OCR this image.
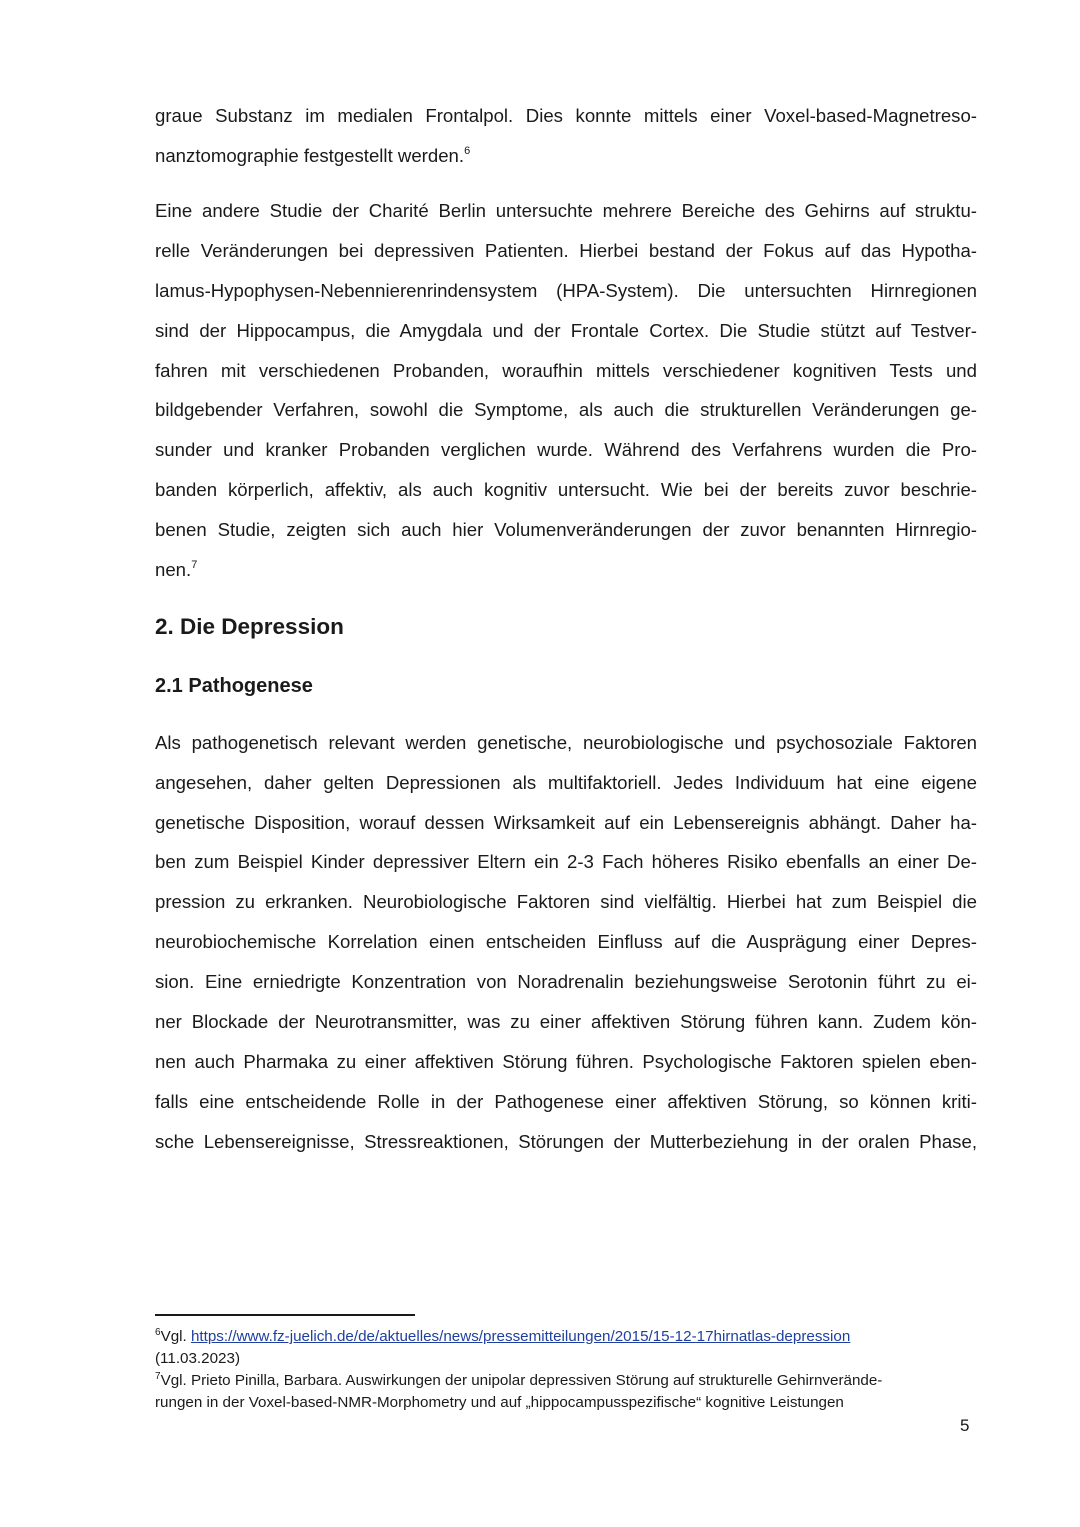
graue Substanz im medialen Frontalpol. Dies konnte mittels einer Voxel-based-Magnetreso-
nanztomographie festgestellt werden.$^6$
Eine andere Studie der Charité Berlin untersuchte mehrere Bereiche des Gehirns auf struktu-
relle Veränderungen bei depressiven Patienten. Hierbei bestand der Fokus auf das Hypotha-
lamus-Hypophysen-Nebennierenrindensystem (HPA-System). Die untersuchten Hirnregionen
sind der Hippocampus, die Amygdala und der Frontale Cortex. Die Studie stützt auf Testver-
fahren mit verschiedenen Probanden, woraufhin mittels verschiedener kognitiven Tests und
bildgebender Verfahren, sowohl die Symptome, als auch die strukturellen Veränderungen ge-
sunder und kranker Probanden verglichen wurde. Während des Verfahrens wurden die Pro-
banden körperlich, affektiv, als auch kognitiv untersucht. Wie bei der bereits zuvor beschrie-
benen Studie, zeigten sich auch hier Volumenveränderungen der zuvor benannten Hirnregio-
nen.$^7$
2. Die Depression
2.1 Pathogenese
Als pathogenetisch relevant werden genetische, neurobiologische und psychosoziale Faktoren
angesehen, daher gelten Depressionen als multifaktoriell. Jedes Individuum hat eine eigene
genetische Disposition, worauf dessen Wirksamkeit auf ein Lebensereignis abhängt. Daher ha-
ben zum Beispiel Kinder depressiver Eltern ein 2-3 Fach höheres Risiko ebenfalls an einer De-
pression zu erkranken. Neurobiologische Faktoren sind vielfältig. Hierbei hat zum Beispiel die
neurobiochemische Korrelation einen entscheiden Einfluss auf die Ausprägung einer Depres-
sion. Eine erniedrigte Konzentration von Noradrenalin beziehungsweise Serotonin führt zu ei-
ner Blockade der Neurotransmitter, was zu einer affektiven Störung führen kann. Zudem kön-
nen auch Pharmaka zu einer affektiven Störung führen. Psychologische Faktoren spielen eben-
falls eine entscheidende Rolle in der Pathogenese einer affektiven Störung, so können kriti-
sche Lebensereignisse, Stressreaktionen, Störungen der Mutterbeziehung in der oralen Phase,
$^6$Vgl. https://www.fz-juelich.de/de/aktuelles/news/pressemitteilungen/2015/15-12-17hirnatlas-depression
(11.03.2023)
$^7$Vgl. Prieto Pinilla, Barbara. Auswirkungen der unipolar depressiven Störung auf strukturelle Gehirnverände-
rungen in der Voxel-based-NMR-Morphometry und auf „hippocampusspezifische“ kognitive Leistungen
5
